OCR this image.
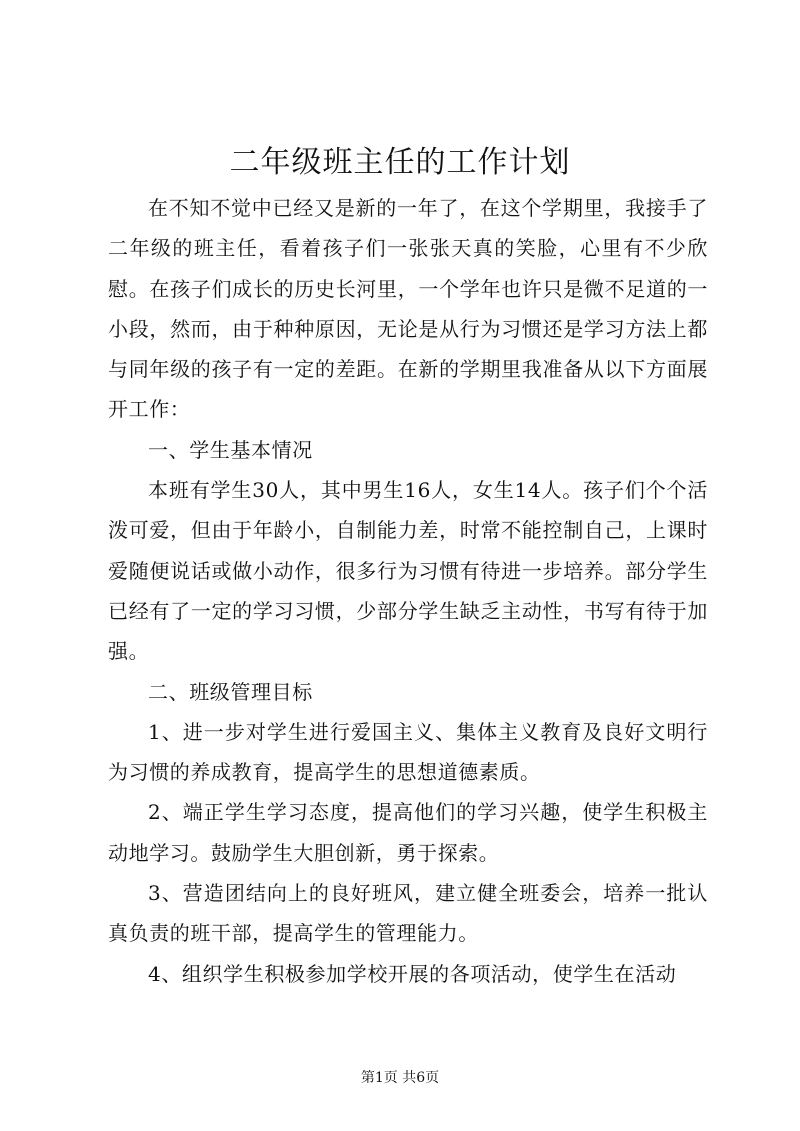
二年级班主任的工作计划

在不知不觉中已经又是新的一年了，在这个学期里，我接手了二年级的班主任，看着孩子们一张张天真的笑脸，心里有不少欣慰。在孩子们成长的历史长河里，一个学年也许只是微不足道的一小段，然而，由于种种原因，无论是从行为习惯还是学习方法上都与同年级的孩子有一定的差距。在新的学期里我准备从以下方面展开工作：

一、学生基本情况

本班有学生30人，其中男生16人，女生14人。孩子们个个活泼可爱，但由于年龄小，自制能力差，时常不能控制自己，上课时爱随便说话或做小动作，很多行为习惯有待进一步培养。部分学生已经有了一定的学习习惯，少部分学生缺乏主动性，书写有待于加强。

二、班级管理目标

1、进一步对学生进行爱国主义、集体主义教育及良好文明行为习惯的养成教育，提高学生的思想道德素质。

2、端正学生学习态度，提高他们的学习兴趣，使学生积极主动地学习。鼓励学生大胆创新，勇于探索。

3、营造团结向上的良好班风，建立健全班委会，培养一批认真负责的班干部，提高学生的管理能力。

4、组织学生积极参加学校开展的各项活动，使学生在活动

第1页 共6页
